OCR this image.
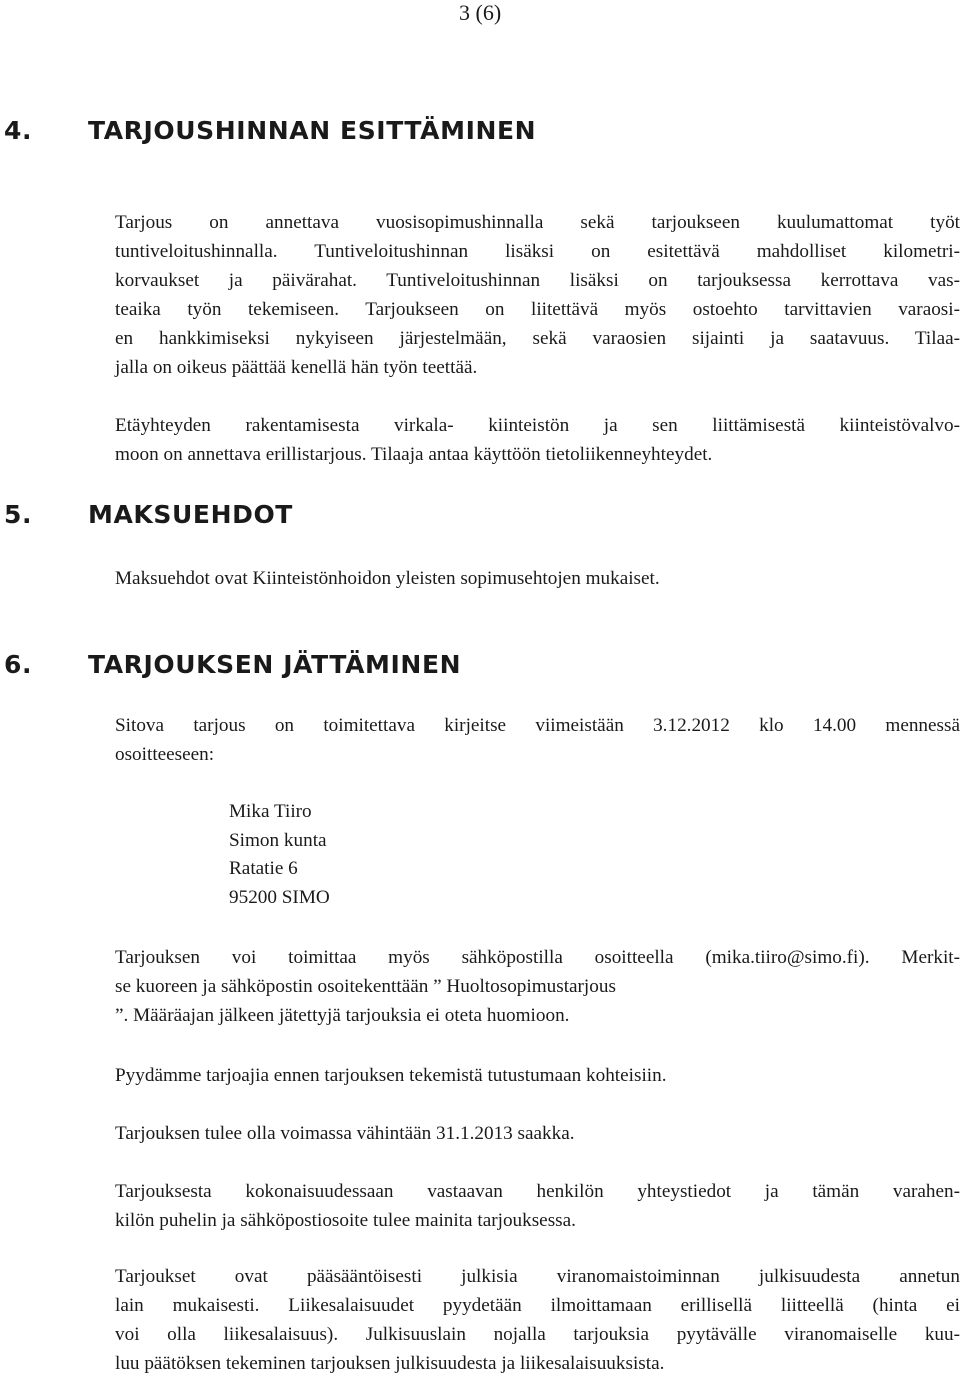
3 (6)
4. TARJOUSHINNAN ESITTÄMINEN
Tarjous on annettava vuosisopimushinnalla sekä tarjoukseen kuulumattomat työt
tuntiveloitushinnalla. Tuntiveloitushinnan lisäksi on esitettävä mahdolliset kilometri-
korvaukset ja päivärahat. Tuntiveloitushinnan lisäksi on tarjouksessa kerrottava vas-
teaika työn tekemiseen. Tarjoukseen on liitettävä myös ostoehto tarvittavien varaosi-
en hankkimiseksi nykyiseen järjestelmään, sekä varaosien sijainti ja saatavuus. Tilaa-
jalla on oikeus päättää kenellä hän työn teettää.
Etäyhteyden rakentamisesta virkala- kiinteistön ja sen liittämisestä kiinteistövalvo-
moon on annettava erillistarjous. Tilaaja antaa käyttöön tietoliikenneyhteydet.
5. MAKSUEHDOT
Maksuehdot ovat Kiinteistönhoidon yleisten sopimusehtojen mukaiset.
6. TARJOUKSEN JÄTTÄMINEN
Sitova tarjous on toimitettava kirjeitse viimeistään 3.12.2012 klo 14.00 mennessä
osoitteeseen:
Mika Tiiro
Simon kunta
Ratatie 6
95200 SIMO
Tarjouksen voi toimittaa myös sähköpostilla osoitteella (mika.tiiro@simo.fi). Merkit-
se kuoreen ja sähköpostin osoitekenttään ” Huoltosopimustarjous
”. Määräajan jälkeen jätettyjä tarjouksia ei oteta huomioon.
Pyydämme tarjoajia ennen tarjouksen tekemistä tutustumaan kohteisiin.
Tarjouksen tulee olla voimassa vähintään 31.1.2013 saakka.
Tarjouksesta kokonaisuudessaan vastaavan henkilön yhteystiedot ja tämän varahen-
kilön puhelin ja sähköpostiosoite tulee mainita tarjouksessa.
Tarjoukset ovat pääsääntöisesti julkisia viranomaistoiminnan julkisuudesta annetun
lain mukaisesti. Liikesalaisuudet pyydetään ilmoittamaan erillisellä liitteellä (hinta ei
voi olla liikesalaisuus). Julkisuuslain nojalla tarjouksia pyytävälle viranomaiselle kuu-
luu päätöksen tekeminen tarjouksen julkisuudesta ja liikesalaisuuksista.
